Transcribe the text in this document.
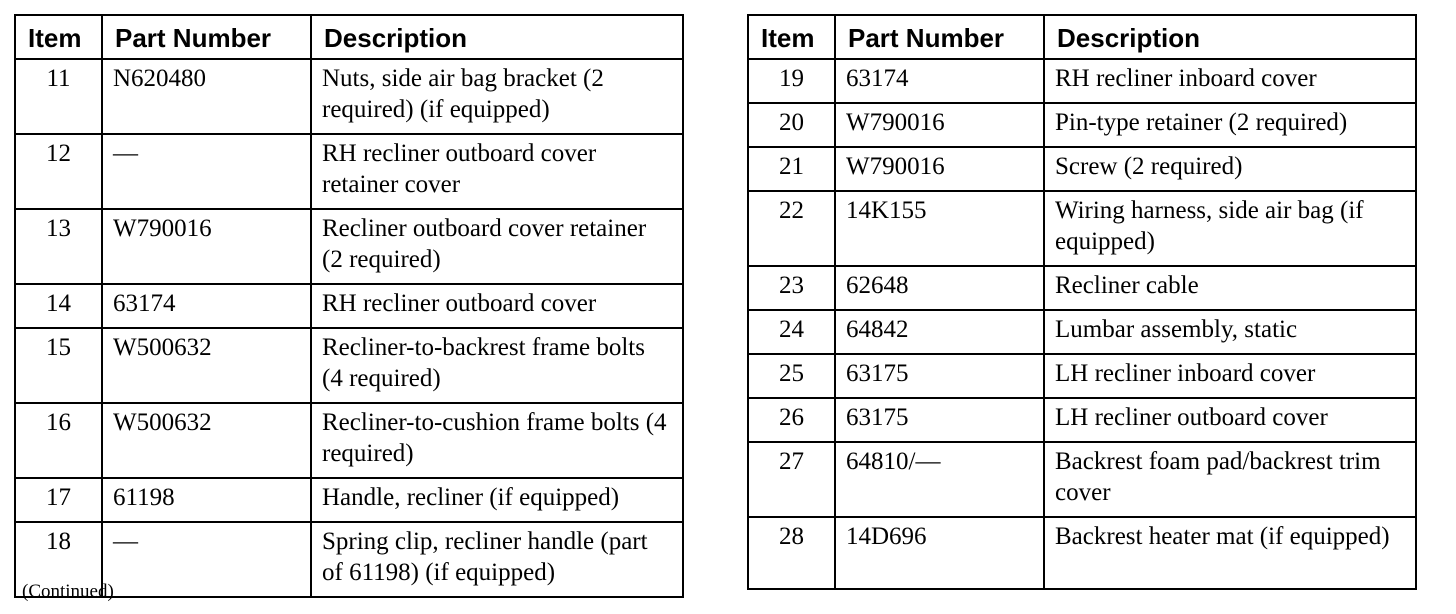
Item	Part Number	Description
11	N620480	Nuts, side air bag bracket (2 required) (if equipped)
12	—	RH recliner outboard cover retainer cover
13	W790016	Recliner outboard cover retainer (2 required)
14	63174	RH recliner outboard cover
15	W500632	Recliner-to-backrest frame bolts (4 required)
16	W500632	Recliner-to-cushion frame bolts (4 required)
17	61198	Handle, recliner (if equipped)
18	—	Spring clip, recliner handle (part of 61198) (if equipped)
Item	Part Number	Description
19	63174	RH recliner inboard cover
20	W790016	Pin-type retainer (2 required)
21	W790016	Screw (2 required)
22	14K155	Wiring harness, side air bag (if equipped)
23	62648	Recliner cable
24	64842	Lumbar assembly, static
25	63175	LH recliner inboard cover
26	63175	LH recliner outboard cover
27	64810/—	Backrest foam pad/backrest trim cover
28	14D696	Backrest heater mat (if equipped)
(Continued)
